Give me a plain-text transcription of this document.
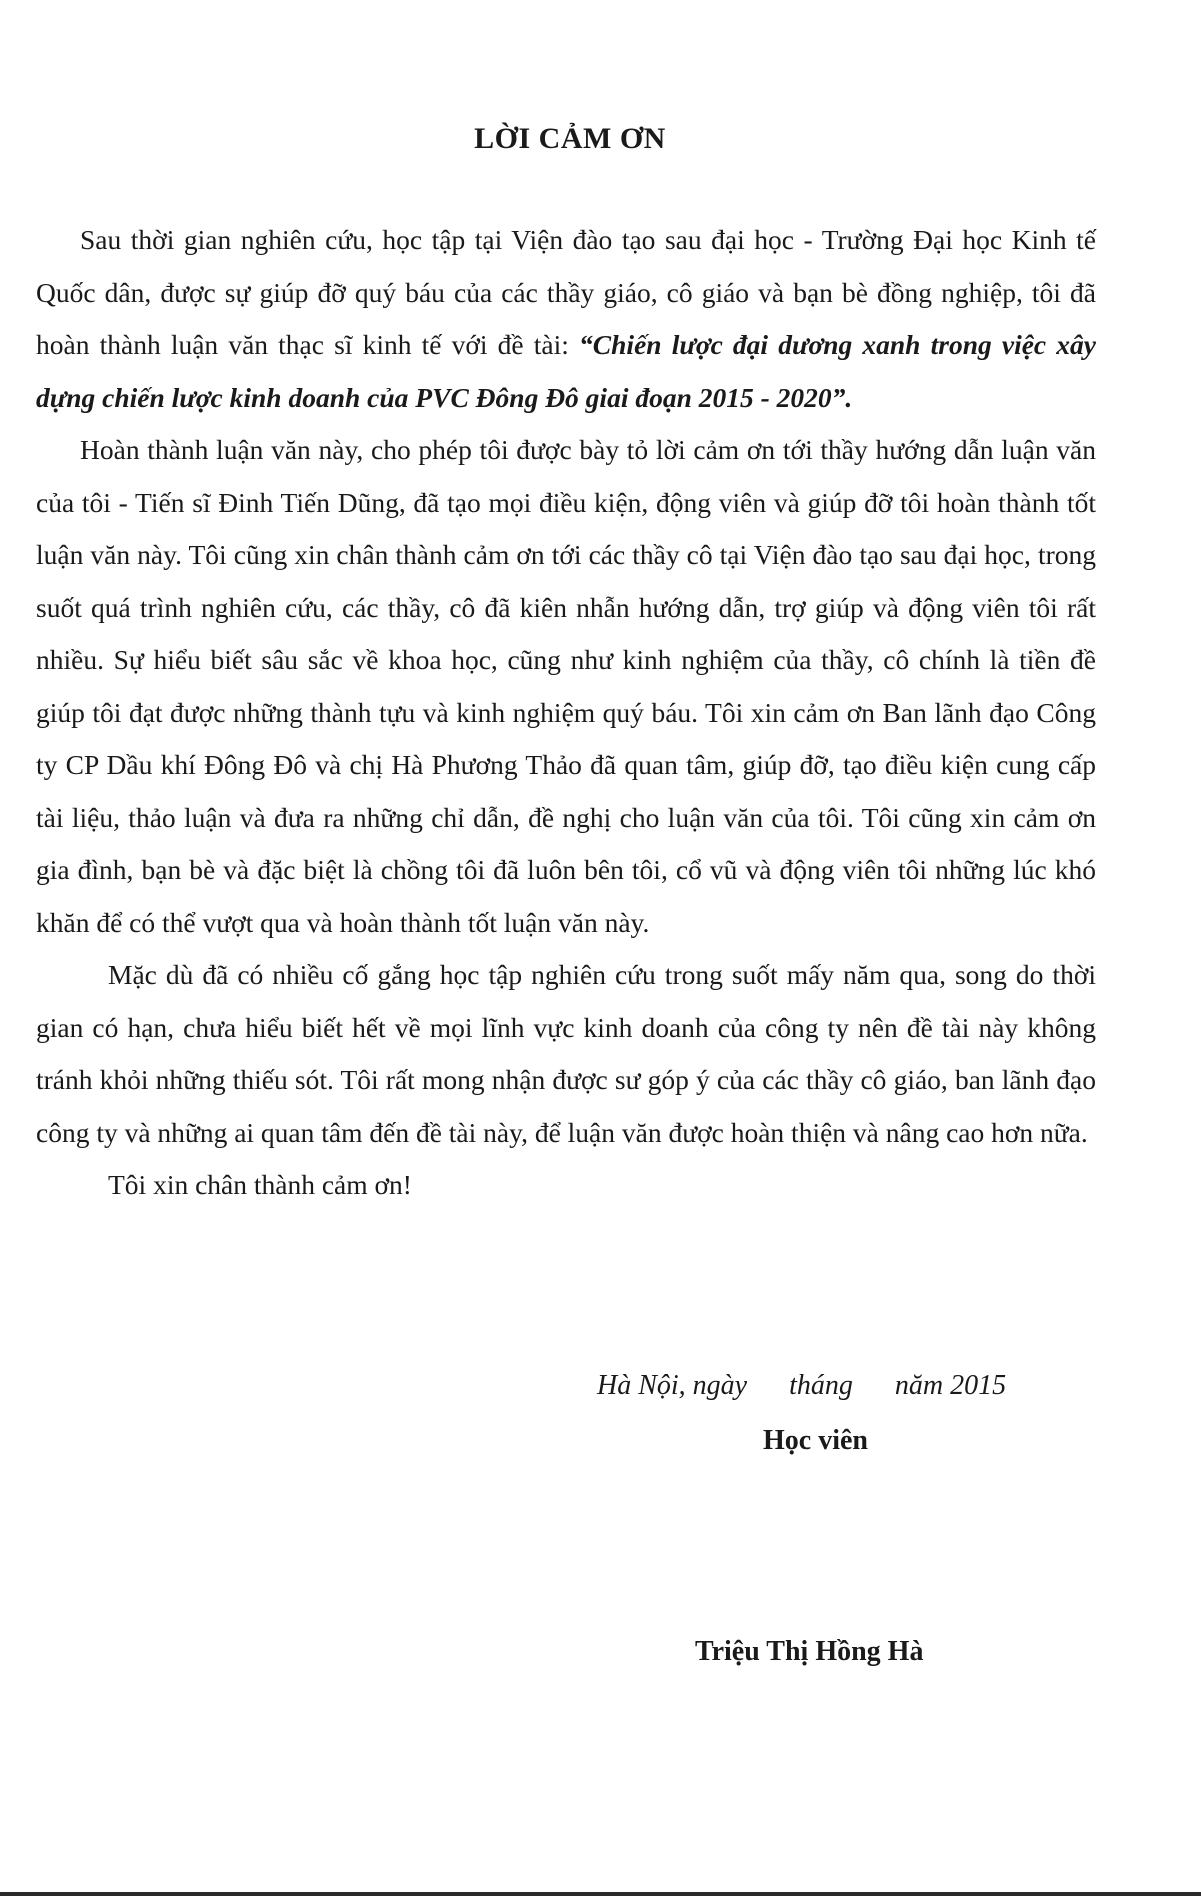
LỜI CẢM ƠN

Sau thời gian nghiên cứu, học tập tại Viện đào tạo sau đại học - Trường Đại học Kinh tế Quốc dân, được sự giúp đỡ quý báu của các thầy giáo, cô giáo và bạn bè đồng nghiệp, tôi đã hoàn thành luận văn thạc sĩ kinh tế với đề tài: “Chiến lược đại dương xanh trong việc xây dựng chiến lược kinh doanh của PVC Đông Đô giai đoạn 2015 - 2020”.

Hoàn thành luận văn này, cho phép tôi được bày tỏ lời cảm ơn tới thầy hướng dẫn luận văn của tôi - Tiến sĩ Đinh Tiến Dũng, đã tạo mọi điều kiện, động viên và giúp đỡ tôi hoàn thành tốt luận văn này. Tôi cũng xin chân thành cảm ơn tới các thầy cô tại Viện đào tạo sau đại học, trong suốt quá trình nghiên cứu, các thầy, cô đã kiên nhẫn hướng dẫn, trợ giúp và động viên tôi rất nhiều. Sự hiểu biết sâu sắc về khoa học, cũng như kinh nghiệm của thầy, cô chính là tiền đề giúp tôi đạt được những thành tựu và kinh nghiệm quý báu. Tôi xin cảm ơn Ban lãnh đạo Công ty CP Dầu khí Đông Đô và chị Hà Phương Thảo đã quan tâm, giúp đỡ, tạo điều kiện cung cấp tài liệu, thảo luận và đưa ra những chỉ dẫn, đề nghị cho luận văn của tôi. Tôi cũng xin cảm ơn gia đình, bạn bè và đặc biệt là chồng tôi đã luôn bên tôi, cổ vũ và động viên tôi những lúc khó khăn để có thể vượt qua và hoàn thành tốt luận văn này.

Mặc dù đã có nhiều cố gắng học tập nghiên cứu trong suốt mấy năm qua, song do thời gian có hạn, chưa hiểu biết hết về mọi lĩnh vực kinh doanh của công ty nên đề tài này không tránh khỏi những thiếu sót. Tôi rất mong nhận được sư góp ý của các thầy cô giáo, ban lãnh đạo công ty và những ai quan tâm đến đề tài này, để luận văn được hoàn thiện và nâng cao hơn nữa.

Tôi xin chân thành cảm ơn!

Hà Nội, ngày      tháng      năm 2015
Học viên
Triệu Thị Hồng Hà
